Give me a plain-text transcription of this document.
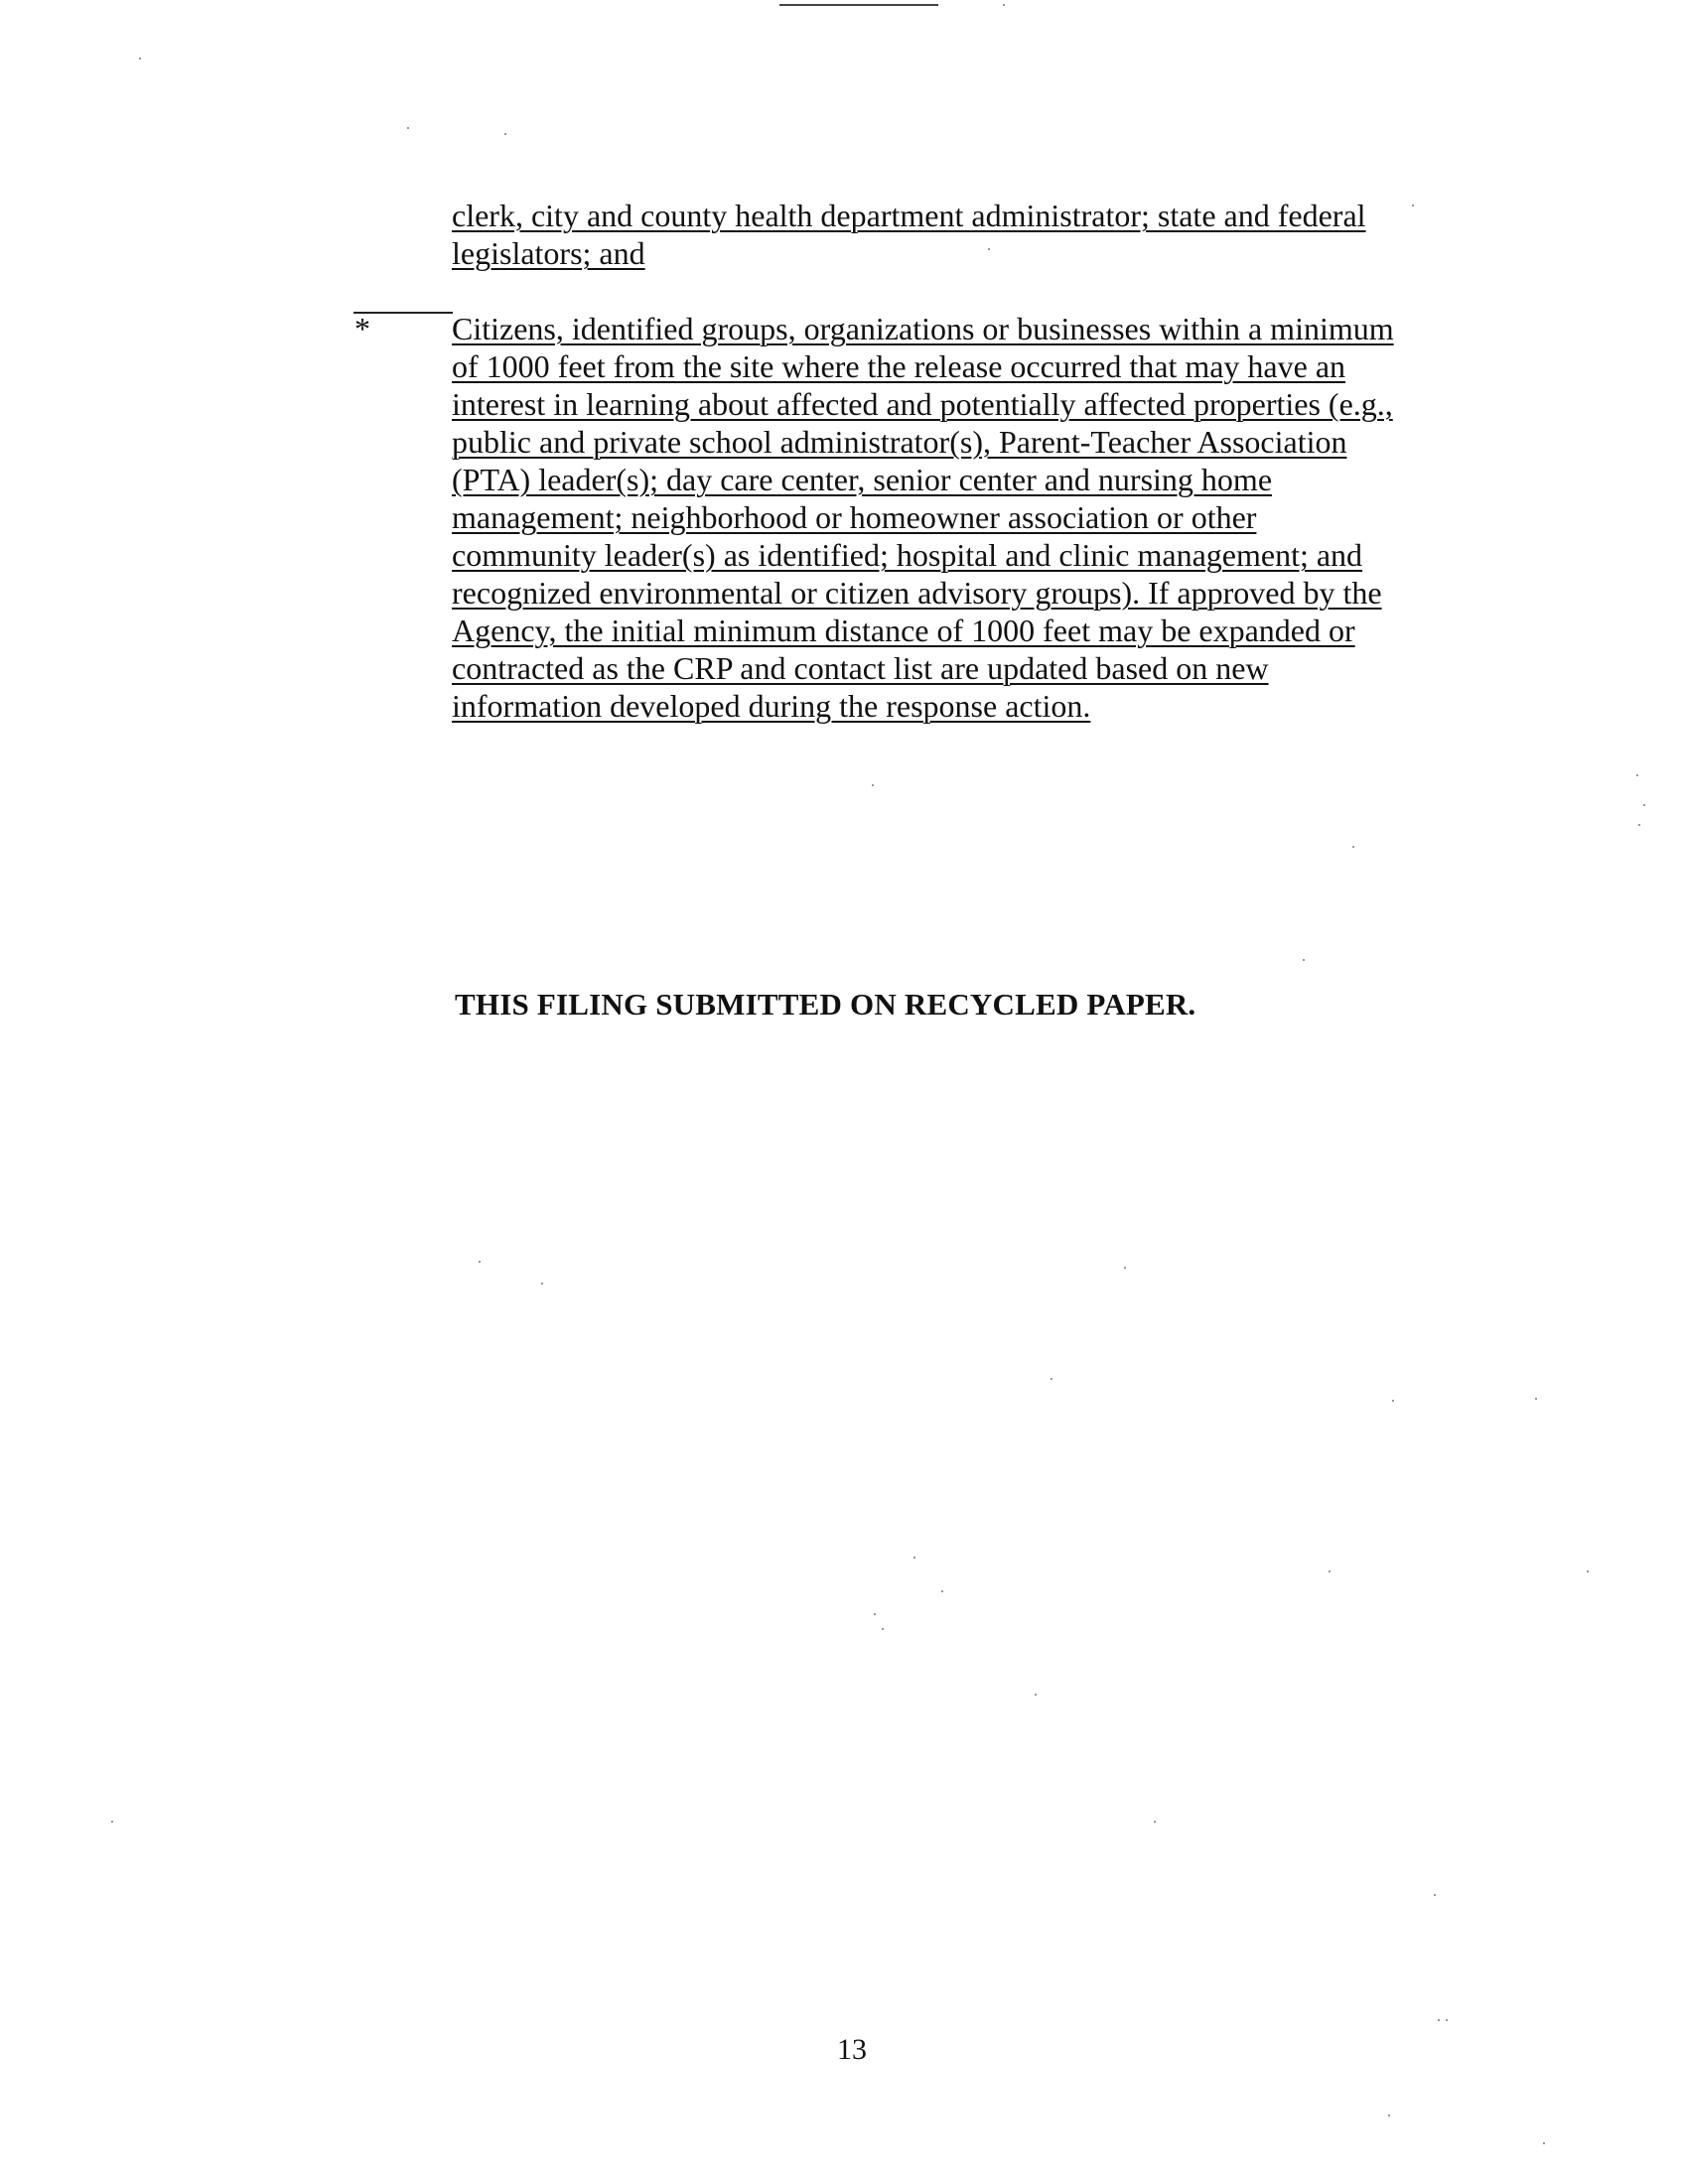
clerk, city and county health department administrator; state and federal
legislators; and
*	Citizens, identified groups, organizations or businesses within a minimum
of 1000 feet from the site where the release occurred that may have an
interest in learning about affected and potentially affected properties (e.g.,
public and private school administrator(s), Parent-Teacher Association
(PTA) leader(s); day care center, senior center and nursing home
management; neighborhood or homeowner association or other
community leader(s) as identified; hospital and clinic management; and
recognized environmental or citizen advisory groups). If approved by the
Agency, the initial minimum distance of 1000 feet may be expanded or
contracted as the CRP and contact list are updated based on new
information developed during the response action.
THIS FILING SUBMITTED ON RECYCLED PAPER.
13
